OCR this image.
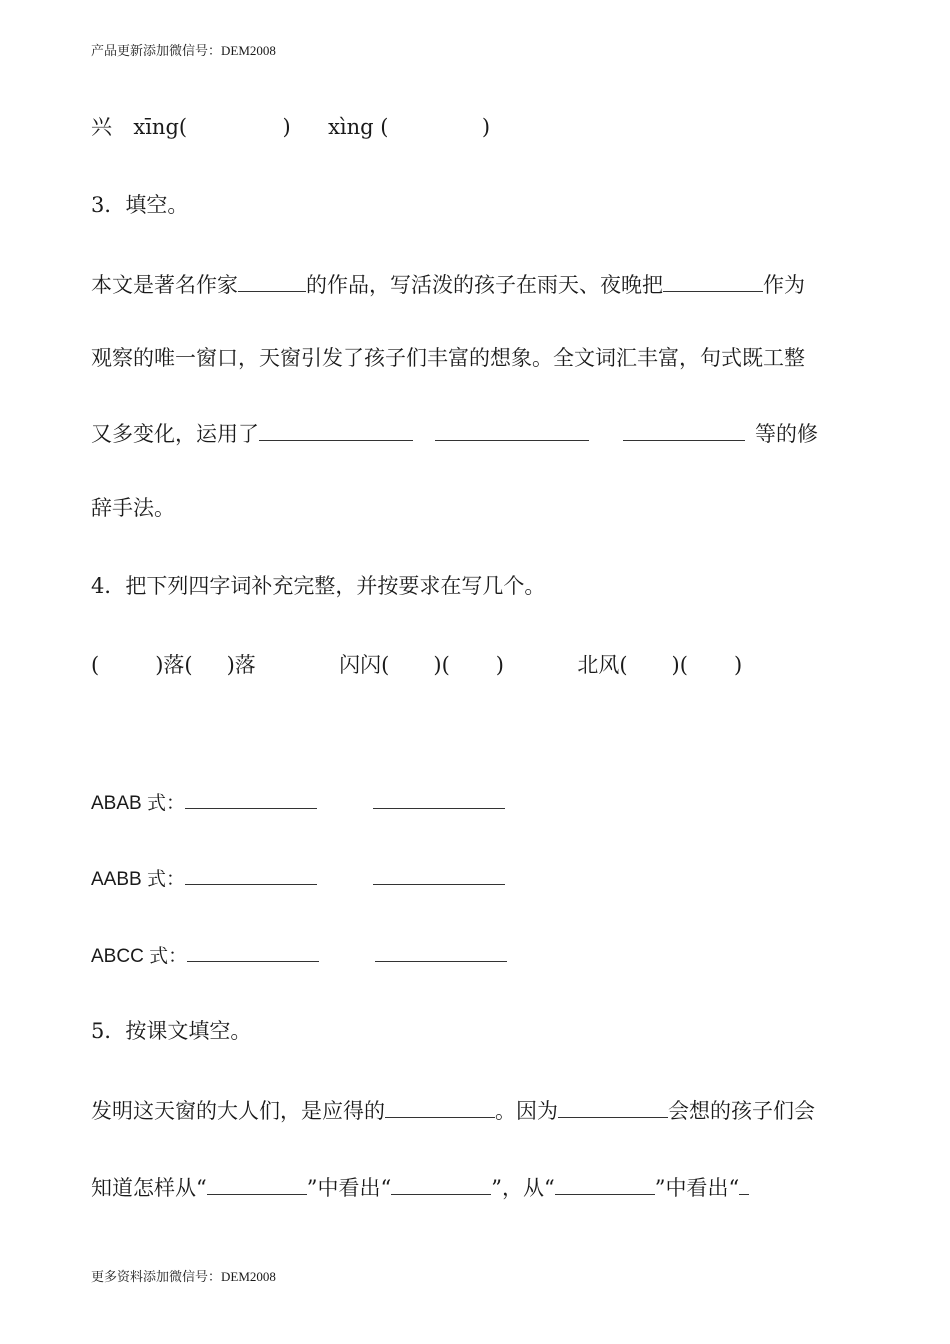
产品更新添加微信号：DEM2008
兴 xīng(	) xìng (	)
3．填空。
本文是著名作家	的作品，写活泼的孩子在雨天、夜晚把	作为
观察的唯一窗口，天窗引发了孩子们丰富的想象。全文词汇丰富，句式既工整
又多变化，运用了	等的修
辞手法。
4．把下列四字词补充完整，并按要求在写几个。
(	)落( )落	闪闪( )( )	北风( )( )
ABAB 式：
AABB 式：
ABCC 式：
5．按课文填空。
发明这天窗的大人们，是应得的	。因为	会想的孩子们会
知道怎样从“	”中看出“	”，从“	”中看出“
更多资料添加微信号：DEM2008
